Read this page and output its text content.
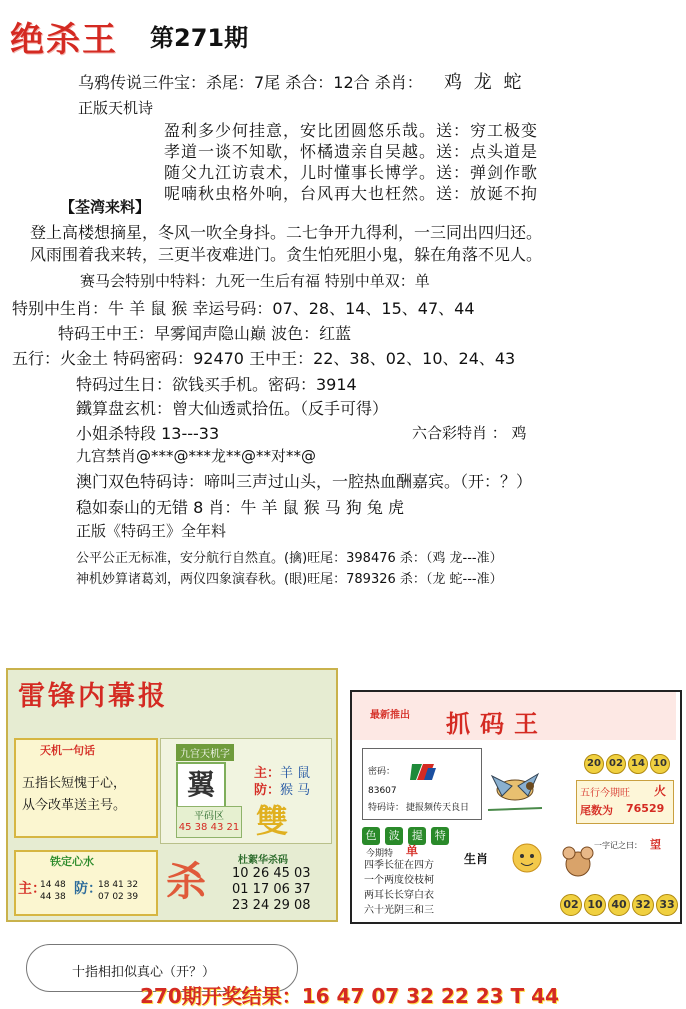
绝杀王 第271期
乌鸦传说三件宝：杀尾：7尾 杀合：12合 杀肖： 鸡 龙 蛇
正版天机诗
盈利多少何挂意，安比团圆悠乐哉。送：穷工极变
孝道一谈不知歇，怀橘遗亲自吴越。送：点头道是
随父九江访袁术，儿时懂事长博学。送：弹剑作歌
呢喃秋虫格外响，台风再大也枉然。送：放诞不拘
【荃湾来料】
登上高楼想摘星，冬风一吹全身抖。二七争开九得利，一三同出四归还。
风雨围着我来转，三更半夜难进门。贪生怕死胆小鬼，躲在角落不见人。
赛马会特别中特料：九死一生后有福 特别中单双：单
特别中生肖：牛 羊 鼠 猴 幸运号码：07、28、14、15、47、44
特码王中王：早雾闻声隐山巅 波色：红蓝
五行：火金土 特码密码：92470 王中王：22、38、02、10、24、43
特码过生日：欲钱买手机。密码：3914
鐵算盘玄机：曾大仙透贰拾伍。（反手可得）
小姐杀特段 13---33	六合彩特肖 ： 鸡
九宫禁肖@***@***龙**@**对**@
澳门双色特码诗：啼叫三声过山头，一腔热血酬嘉宾。（开：？）
稳如泰山的无错 8 肖：牛 羊 鼠 猴 马 狗 兔 虎
正版《特码王》全年料
公平公正无标准，安分航行自然直。(擒)旺尾：398476 杀：（鸡 龙---准）
神机妙算诸葛刘，两仪四象演春秋。(眼)旺尾：789326 杀：（龙 蛇---准）
雷锋内幕报
天机一句话
五指长短愧于心，
从今改革送主号。
九宫天机字
翼
平码区
45 38 43 21
主：羊 鼠
防：猴 马
雙
铁定心水
主：
14 48
44 38 防：
18 41 32
07 02 39 杀	杜絮华杀码
10 26 45 03
01 17 06 37
23 24 29 08
最新推出 抓码王
密码：
83607
特码诗： 捷报频传天良日
20 02 14 10
五行今期旺 火
尾数为 76529
色 波 提 特
今期特 单
四季长征在四方
一个两度佼枝柯
两耳长长穿白衣
六十光阴三和三
生肖
一字记之曰： 望
02 10 40 32 33
十指相扣似真心（开？）
270期开奖结果：16 47 07 32 22 23 T 44
